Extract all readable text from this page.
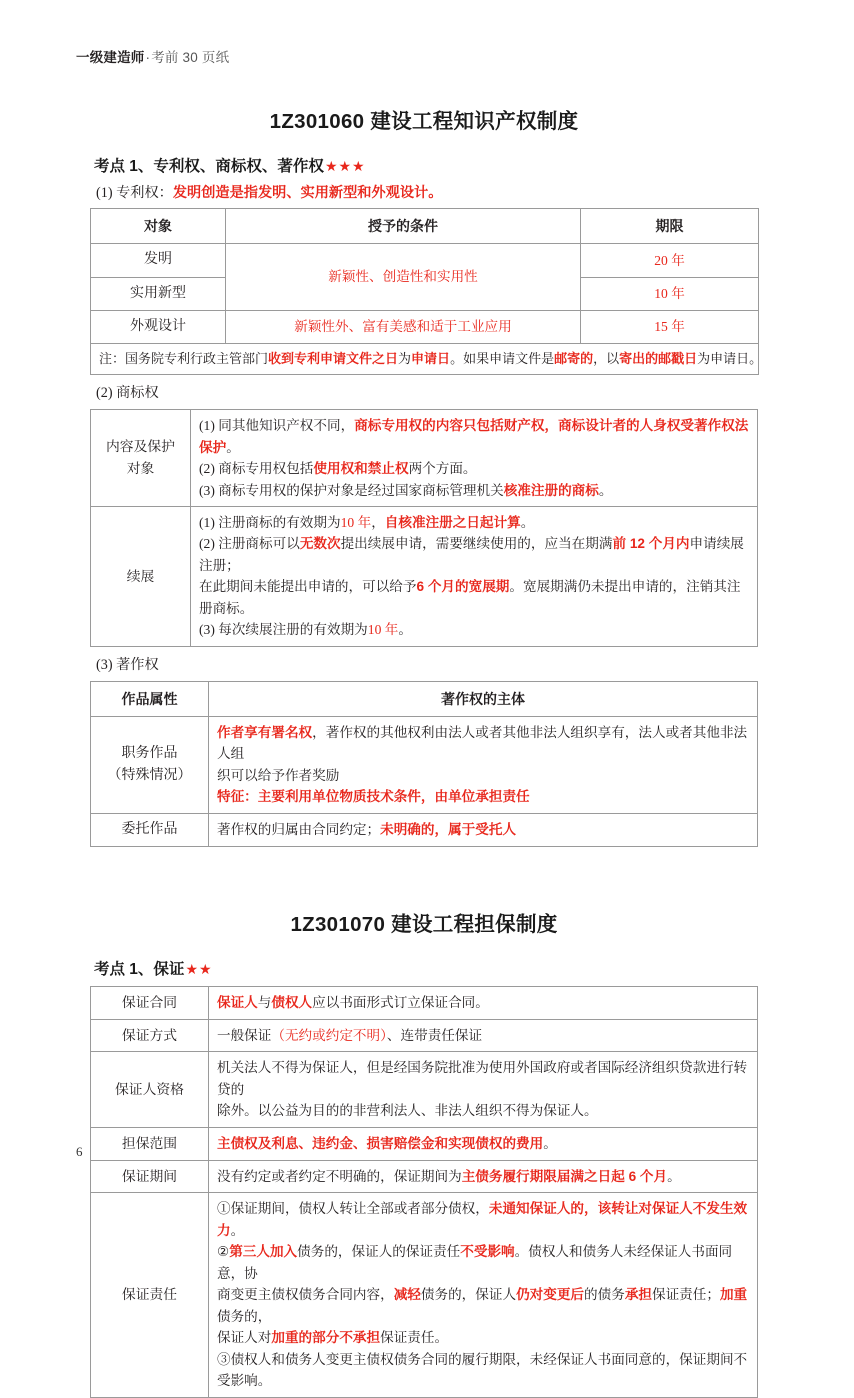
一级建造师·考前 30 页纸
1Z301060 建设工程知识产权制度
考点 1、专利权、商标权、著作权★★★

(1) 专利权：发明创造是指发明、实用新型和外观设计。

对象	授予的条件	期限
发明	新颖性、创造性和实用性	20 年
实用新型		10 年
外观设计	新颖性外、富有美感和适于工业应用	15 年
注：国务院专利行政主管部门收到专利申请文件之日为申请日。如果申请文件是邮寄的，以寄出的邮戳日为申请日。		

(2) 商标权

内容及保护
对象	(1) 同其他知识产权不同，商标专用权的内容只包括财产权，商标设计者的人身权受著作权法保护。
(2) 商标专用权包括使用权和禁止权两个方面。
(3) 商标专用权的保护对象是经过国家商标管理机关核准注册的商标。

续展	(1) 注册商标的有效期为10 年，自核准注册之日起计算。
(2) 注册商标可以无数次提出续展申请，需要继续使用的，应当在期满前 12 个月内申请续展注册；
在此期间未能提出申请的，可以给予6 个月的宽展期。宽展期满仍未提出申请的，注销其注册商标。
(3) 每次续展注册的有效期为10 年。

(3) 著作权

作品属性	著作权的主体

职务作品
（特殊情况）	作者享有署名权，著作权的其他权利由法人或者其他非法人组织享有，法人或者其他非法人组
织可以给予作者奖励
特征：主要利用单位物质技术条件，由单位承担责任

委托作品	著作权的归属由合同约定；未明确的，属于受托人
1Z301070 建设工程担保制度
考点 1、保证★★
保证合同	保证人与债权人应以书面形式订立保证合同。

保证方式	一般保证（无约或约定不明）、连带责任保证

保证人资格	机关法人不得为保证人，但是经国务院批准为使用外国政府或者国际经济组织贷款进行转贷的
除外。以公益为目的的非营利法人、非法人组织不得为保证人。

担保范围	主债权及利息、违约金、损害赔偿金和实现债权的费用。

保证期间	没有约定或者约定不明确的，保证期间为主债务履行期限届满之日起 6 个月。

保证责任	①保证期间，债权人转让全部或者部分债权，未通知保证人的，该转让对保证人不发生效力。
②第三人加入债务的，保证人的保证责任不受影响。债权人和债务人未经保证人书面同意，协
商变更主债权债务合同内容，减轻债务的，保证人仍对变更后的债务承担保证责任；加重债务的，
保证人对加重的部分不承担保证责任。
③债权人和债务人变更主债权债务合同的履行期限，未经保证人书面同意的，保证期间不受影响。
6
